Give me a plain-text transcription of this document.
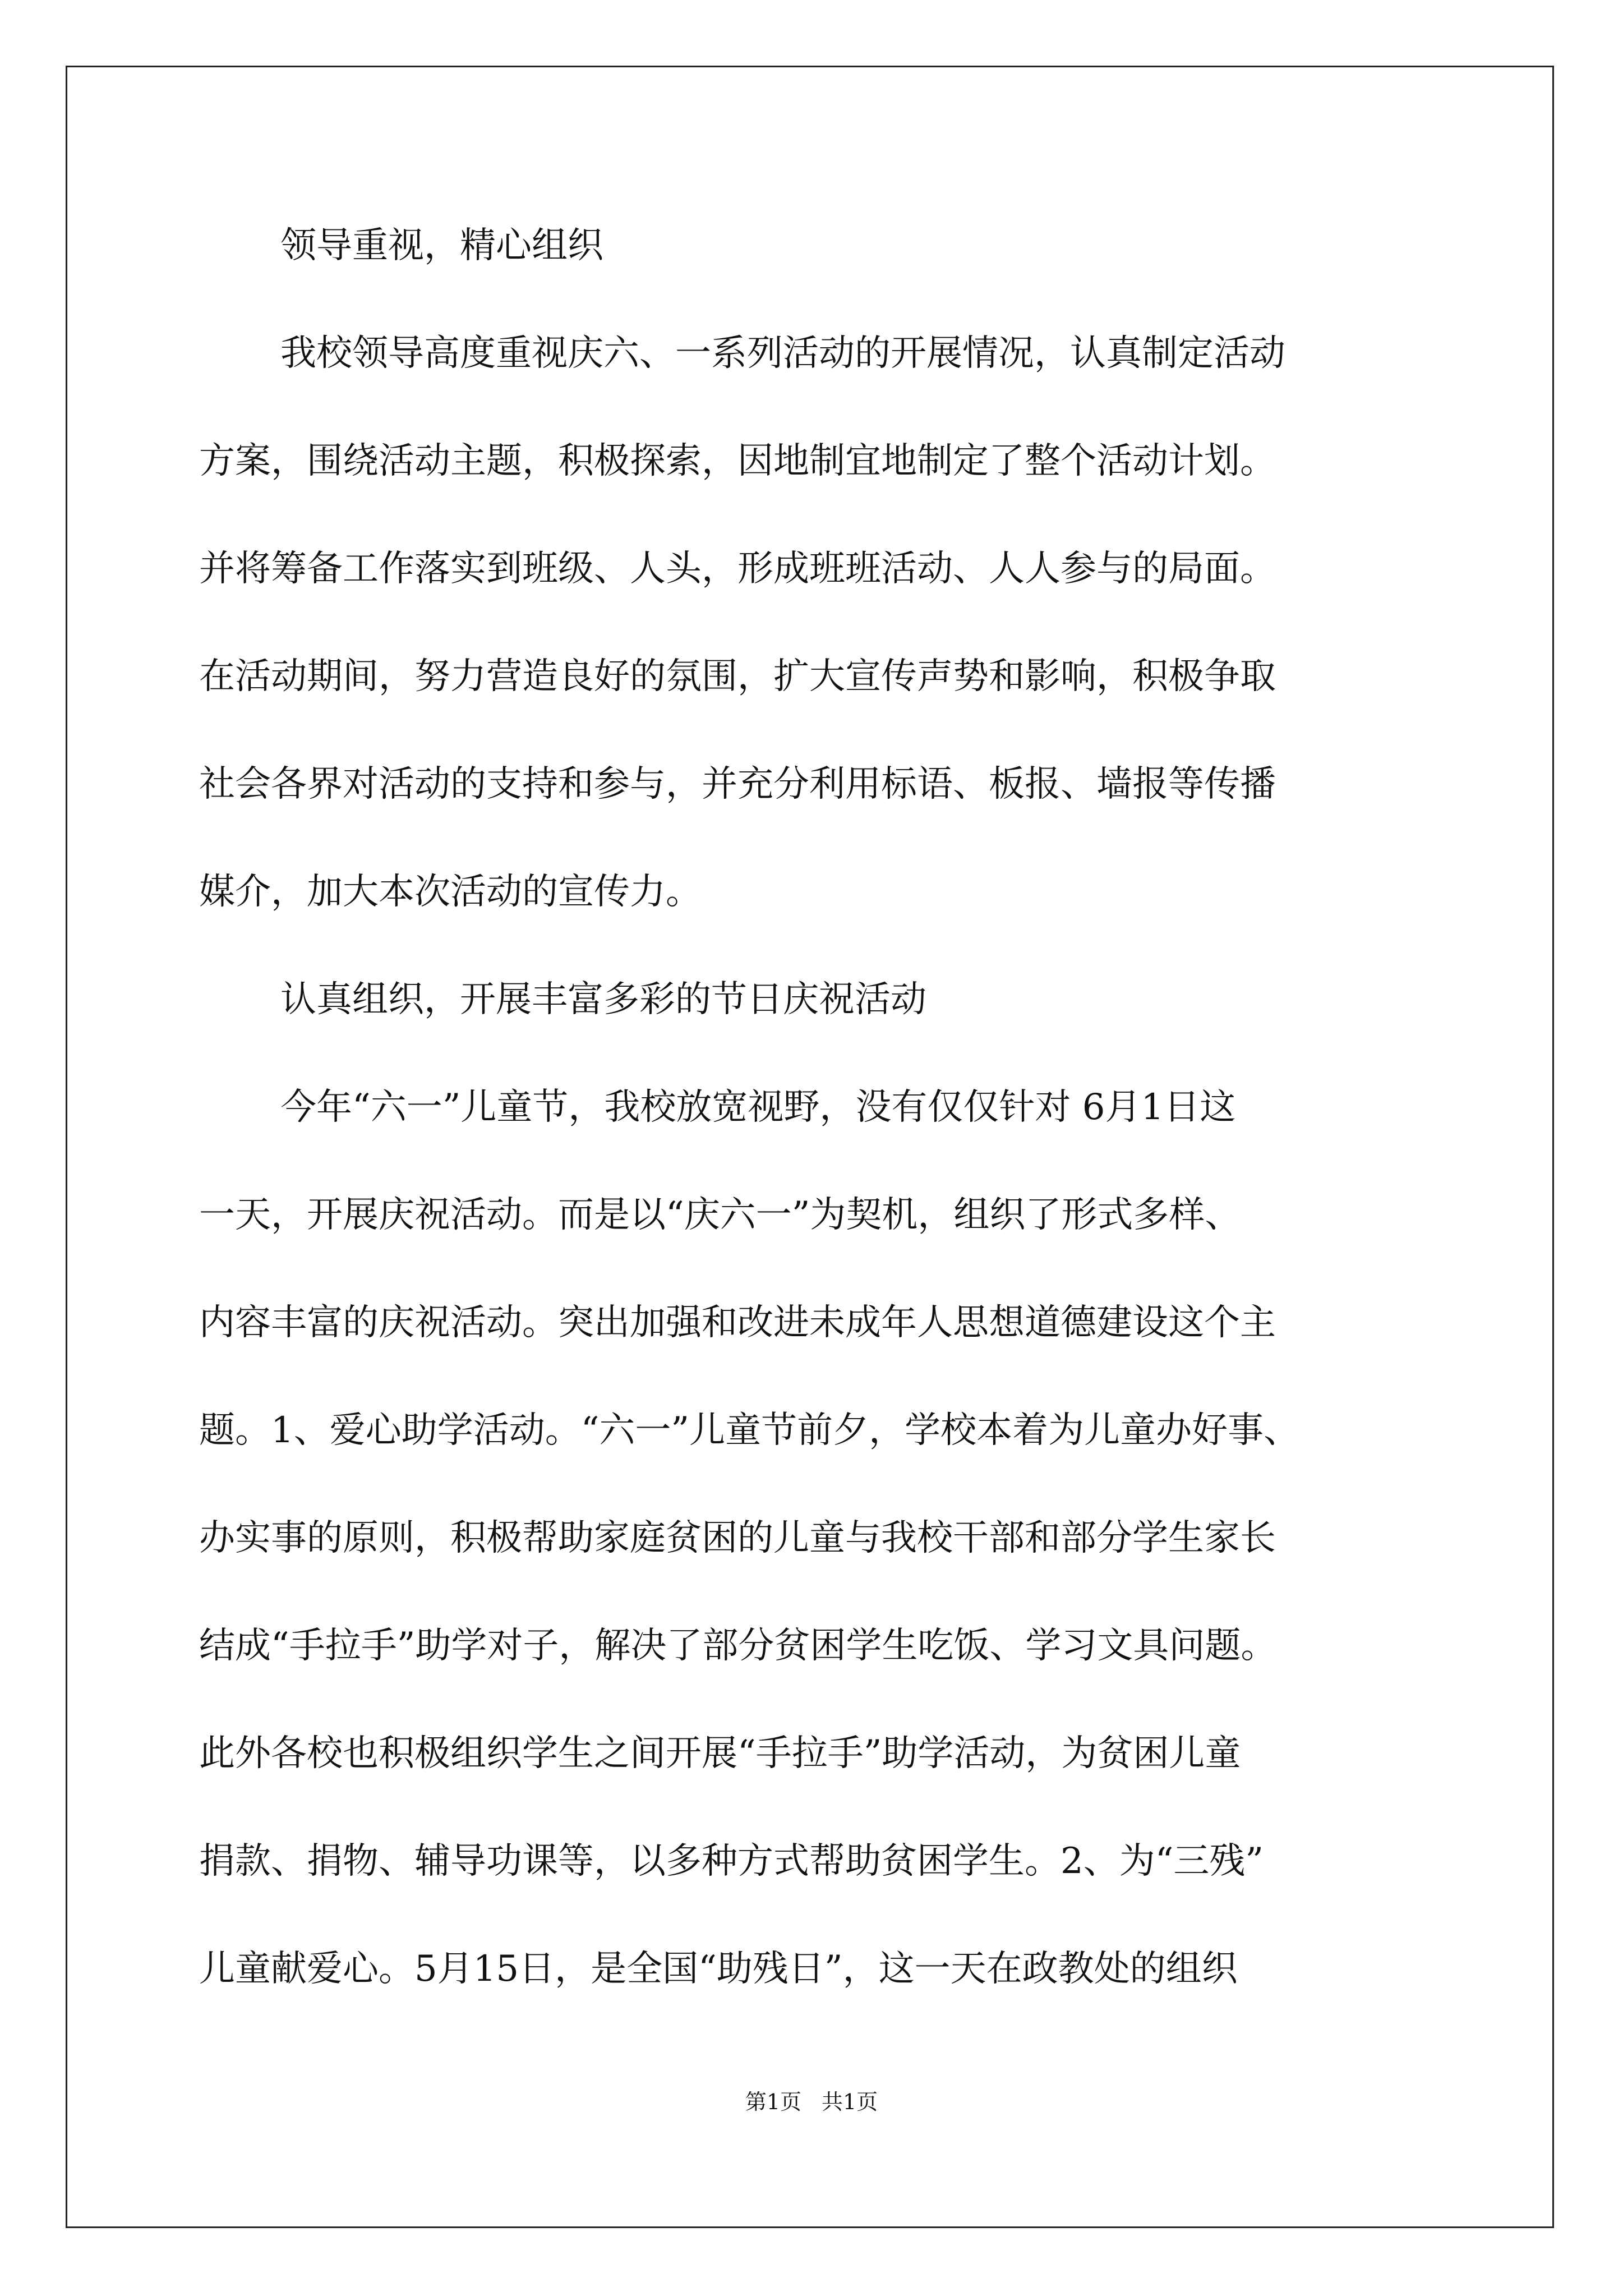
领导重视，精心组织
我校领导高度重视庆六、一系列活动的开展情况，认真制定活动
方案，围绕活动主题，积极探索，因地制宜地制定了整个活动计划。
并将筹备工作落实到班级、人头，形成班班活动、人人参与的局面。
在活动期间，努力营造良好的氛围，扩大宣传声势和影响，积极争取
社会各界对活动的支持和参与，并充分利用标语、板报、墙报等传播
媒介，加大本次活动的宣传力。
认真组织，开展丰富多彩的节日庆祝活动
今年“六一”儿童节，我校放宽视野，没有仅仅针对 6月1日这
一天，开展庆祝活动。而是以“庆六一”为契机，组织了形式多样、
内容丰富的庆祝活动。突出加强和改进未成年人思想道德建设这个主
题。1、爱心助学活动。“六一”儿童节前夕，学校本着为儿童办好事、
办实事的原则，积极帮助家庭贫困的儿童与我校干部和部分学生家长
结成“手拉手”助学对子，解决了部分贫困学生吃饭、学习文具问题。
此外各校也积极组织学生之间开展“手拉手”助学活动，为贫困儿童
捐款、捐物、辅导功课等，以多种方式帮助贫困学生。2、为“三残”
儿童献爱心。5月15日，是全国“助残日”，这一天在政教处的组织
第1页 共1页
